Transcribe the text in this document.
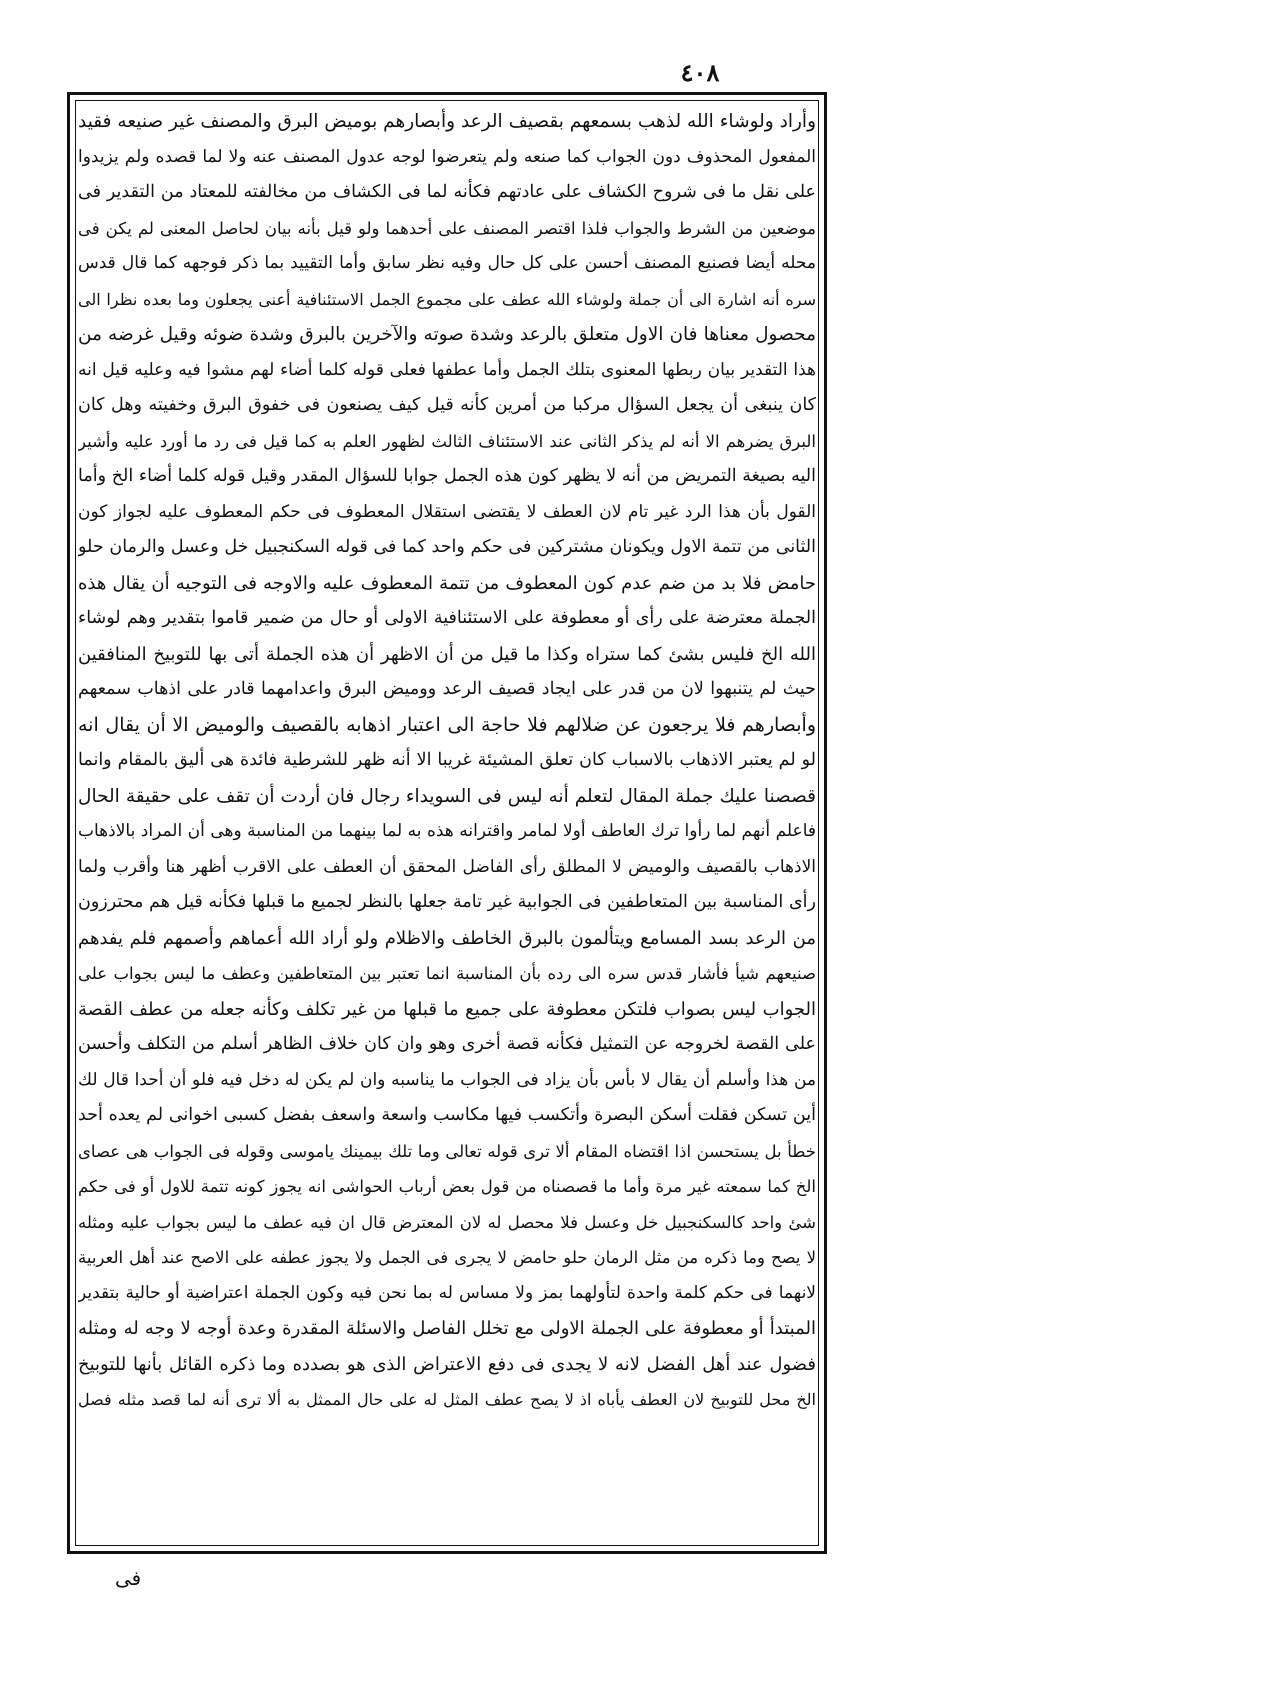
٤٠٨
وأراد ولوشاء الله لذهب بسمعهم بقصيف الرعد وأبصارهم بوميض البرق والمصنف غير صنيعه فقيد
المفعول المحذوف دون الجواب كما صنعه ولم يتعرضوا لوجه عدول المصنف عنه ولا لما قصده ولم يزيدوا
على نقل ما فى شروح الكشاف على عادتهم فكأنه لما فى الكشاف من مخالفته للمعتاد من التقدير فى
موضعين من الشرط والجواب فلذا اقتصر المصنف على أحدهما ولو قيل بأنه بيان لحاصل المعنى لم يكن فى
محله أيضا فصنيع المصنف أحسن على كل حال وفيه نظر سابق وأما التقييد بما ذكر فوجهه كما قال قدس
سره أنه اشارة الى أن جملة ولوشاء الله عطف على مجموع الجمل الاستئنافية أعنى يجعلون وما بعده نظرا الى
محصول معناها فان الاول متعلق بالرعد وشدة صوته والآخرين بالبرق وشدة ضوئه وقيل غرضه من
هذا التقدير بيان ربطها المعنوى بتلك الجمل وأما عطفها فعلى قوله كلما أضاء لهم مشوا فيه وعليه قيل انه
كان ينبغى أن يجعل السؤال مركبا من أمرين كأنه قيل كيف يصنعون فى خفوق البرق وخفيته وهل كان
البرق يضرهم الا أنه لم يذكر الثانى عند الاستئناف الثالث لظهور العلم به كما قيل فى رد ما أورد عليه وأشير
اليه بصيغة التمريض من أنه لا يظهر كون هذه الجمل جوابا للسؤال المقدر وقيل قوله كلما أضاء الخ وأما
القول بأن هذا الرد غير تام لان العطف لا يقتضى استقلال المعطوف فى حكم المعطوف عليه لجواز كون
الثانى من تتمة الاول ويكونان مشتركين فى حكم واحد كما فى قوله السكنجبيل خل وعسل والرمان حلو
حامض فلا بد من ضم عدم كون المعطوف من تتمة المعطوف عليه والاوجه فى التوجيه أن يقال هذه
الجملة معترضة على رأى أو معطوفة على الاستئنافية الاولى أو حال من ضمير قاموا بتقدير وهم لوشاء
الله الخ فليس بشئ كما ستراه وكذا ما قيل من أن الاظهر أن هذه الجملة أتى بها للتوبيخ المنافقين
حيث لم يتنبهوا لان من قدر على ايجاد قصيف الرعد ووميض البرق واعدامهما قادر على اذهاب سمعهم
وأبصارهم فلا يرجعون عن ضلالهم فلا حاجة الى اعتبار اذهابه بالقصيف والوميض الا أن يقال انه
لو لم يعتبر الاذهاب بالاسباب كان تعلق المشيئة غريبا الا أنه ظهر للشرطية فائدة هى أليق بالمقام وانما
قصصنا عليك جملة المقال لتعلم أنه ليس فى السويداء رجال فان أردت أن تقف على حقيقة الحال
فاعلم أنهم لما رأوا ترك العاطف أولا لمامر واقترانه هذه به لما بينهما من المناسبة وهى أن المراد بالاذهاب
الاذهاب بالقصيف والوميض لا المطلق رأى الفاضل المحقق أن العطف على الاقرب أظهر هنا وأقرب ولما
رأى المناسبة بين المتعاطفين فى الجوابية غير تامة جعلها بالنظر لجميع ما قبلها فكأنه قيل هم محترزون
من الرعد بسد المسامع ويتألمون بالبرق الخاطف والاظلام ولو أراد الله أعماهم وأصمهم فلم يفدهم
صنيعهم شيأ فأشار قدس سره الى رده بأن المناسبة انما تعتبر بين المتعاطفين وعطف ما ليس بجواب على
الجواب ليس بصواب فلتكن معطوفة على جميع ما قبلها من غير تكلف وكأنه جعله من عطف القصة
على القصة لخروجه عن التمثيل فكأنه قصة أخرى وهو وان كان خلاف الظاهر أسلم من التكلف وأحسن
من هذا وأسلم أن يقال لا بأس بأن يزاد فى الجواب ما يناسبه وان لم يكن له دخل فيه فلو أن أحدا قال لك
أين تسكن فقلت أسكن البصرة وأتكسب فيها مكاسب واسعة واسعف بفضل كسبى اخوانى لم يعده أحد
خطأ بل يستحسن اذا اقتضاه المقام ألا ترى قوله تعالى وما تلك بيمينك ياموسى وقوله فى الجواب هى عصاى
الخ كما سمعته غير مرة وأما ما قصصناه من قول بعض أرباب الحواشى انه يجوز كونه تتمة للاول أو فى حكم
شئ واحد كالسكنجبيل خل وعسل فلا محصل له لان المعترض قال ان فيه عطف ما ليس بجواب عليه ومثله
لا يصح وما ذكره من مثل الرمان حلو حامض لا يجرى فى الجمل ولا يجوز عطفه على الاصح عند أهل العربية
لانهما فى حكم كلمة واحدة لتأولهما بمز ولا مساس له بما نحن فيه وكون الجملة اعتراضية أو حالية بتقدير
المبتدأ أو معطوفة على الجملة الاولى مع تخلل الفاصل والاسئلة المقدرة وعدة أوجه لا وجه له ومثله
فضول عند أهل الفضل لانه لا يجدى فى دفع الاعتراض الذى هو بصدده وما ذكره القائل بأنها للتوبيخ
الخ محل للتوبيخ لان العطف يأباه اذ لا يصح عطف المثل له على حال الممثل به ألا ترى أنه لما قصد مثله فصل
فى
